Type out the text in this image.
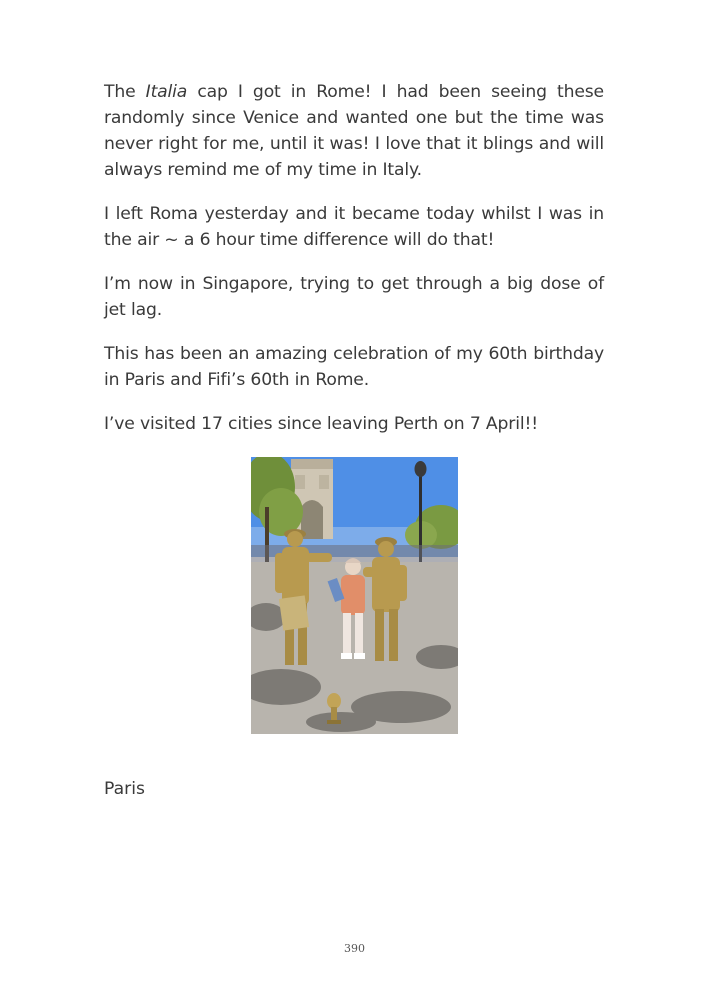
The Italia cap I got in Rome! I had been seeing these randomly since Venice and wanted one but the time was never right for me, until it was! I love that it blings and will always remind me of my time in Italy.

I left Roma yesterday and it became today whilst I was in the air ~ a 6 hour time difference will do that!

I’m now in Singapore, trying to get through a big dose of jet lag.

This has been an amazing celebration of my 60th birthday in Paris and Fifi’s 60th in Rome.

I’ve visited 17 cities since leaving Perth on 7 April!!

Paris

390
